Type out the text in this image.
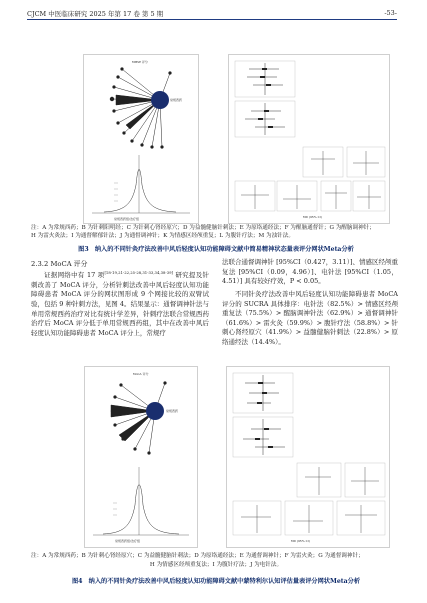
CJCM 中医临床研究 2025 年第 17 卷 第 5 期	-53-
MMSE 评分
常规西药
常规西药组/治疗组	MD (95% CI)
注：A 为常规西药；B 为针刺阳明经；C 为针刺心肾经原穴；D 为益髓健脑针刺法；E 为原络通经法；F 为醒脑通督针；G 为醒脑调神针；
H 为雷火灸法；I 为通督解郁针法；J 为通督调神针；K 为情感区经颅重复；L 为腹针疗法；M 为浊针法。
图3　纳入的不同针灸疗法改善中风后轻度认知功能障碍文献中简易精神状态量表评分网状Meta分析
2.3.2 MoCA 评分
证据网络中有 17 项[18-19,21-22,25-28,31-33,34,38-39] 研究提及针刺改善了 MoCA 评分，分析针刺法改善中风后轻度认知功能障碍患者 MoCA 评分的网状图形成 9 个网接比较的双臂试验，包括 9 种针刺方法，见图 4。结果显示：通督调神针法与单用常规西药治疗对比有统计学差异，针刺疗法联合常规西药治疗后 MoCA 评分低于单用常规西药组，其中在改善中风后轻度认知功能障碍患者 MoCA 评分上，常规疗
法联合通督调神针 [95%CI（0.427，3.11）]、情感区经颅重复法 [95%CI（0.09，4.96）]、电针法 [95%CI（1.05，4.51）] 具有较好疗效，P < 0.05。
不同针灸疗法改善中风后轻度认知功能障碍患者 MoCA 评分的 SUCRA 具体排序：电针法（82.5%）> 情感区经颅重复法（75.5%）> 醒脑调神针法（62.9%）> 通督调神针（61.6%）> 雷火灸（59.9%）> 腹针疗法（58.8%）> 针刺心肾经原穴（41.9%）> 益髓健脑针刺法（22.8%）> 原络通经法（14.4%）。
MoCA 评分
常规西药
常规西药组/治疗组	MD (95% CI)
注：A 为常规西药；B 为针刺心肾经原穴；C 为益髓健脑针刺法；D 为原络通经法；E 为通督调神针；F 为雷火灸；G 为通督调神针；
H 为情感区经颅重复法；I 为腹针疗法；J 为电针法。
图4　纳入的不同针灸疗法改善中风后轻度认知功能障碍文献中蒙特利尔认知评估量表评分网状Meta分析
